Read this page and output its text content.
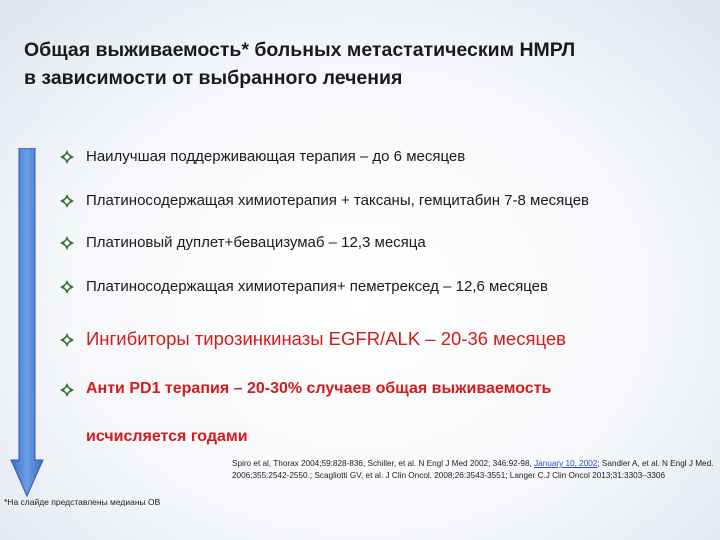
Общая выживаемость* больных метастатическим НМРЛ
в зависимости от выбранного лечения
Наилучшая поддерживающая терапия – до 6 месяцев
Платиносодержащая химиотерапия + таксаны, гемцитабин 7-8 месяцев
Платиновый дуплет+бевацизумаб – 12,3 месяца
Платиносодержащая химиотерапия+ пеметрексед – 12,6 месяцев
Ингибиторы тирозинкиназы EGFR/ALK – 20-36 месяцев
Анти PD1 терапия – 20-30% случаев общая выживаемость
исчисляется годами
*На слайде представлены медианы ОВ
Spiro et al, Thorax 2004;59:828-836; Schiller, et al. N Engl J Med 2002; 346:92-98, January 10, 2002; Sandler A, et al. N Engl J Med. 2006;355:2542-2550.; Scagliotti GV, et al. J Clin Oncol. 2008;26:3543-3551; Langer C.J Clin Oncol 2013;31:3303–3306
